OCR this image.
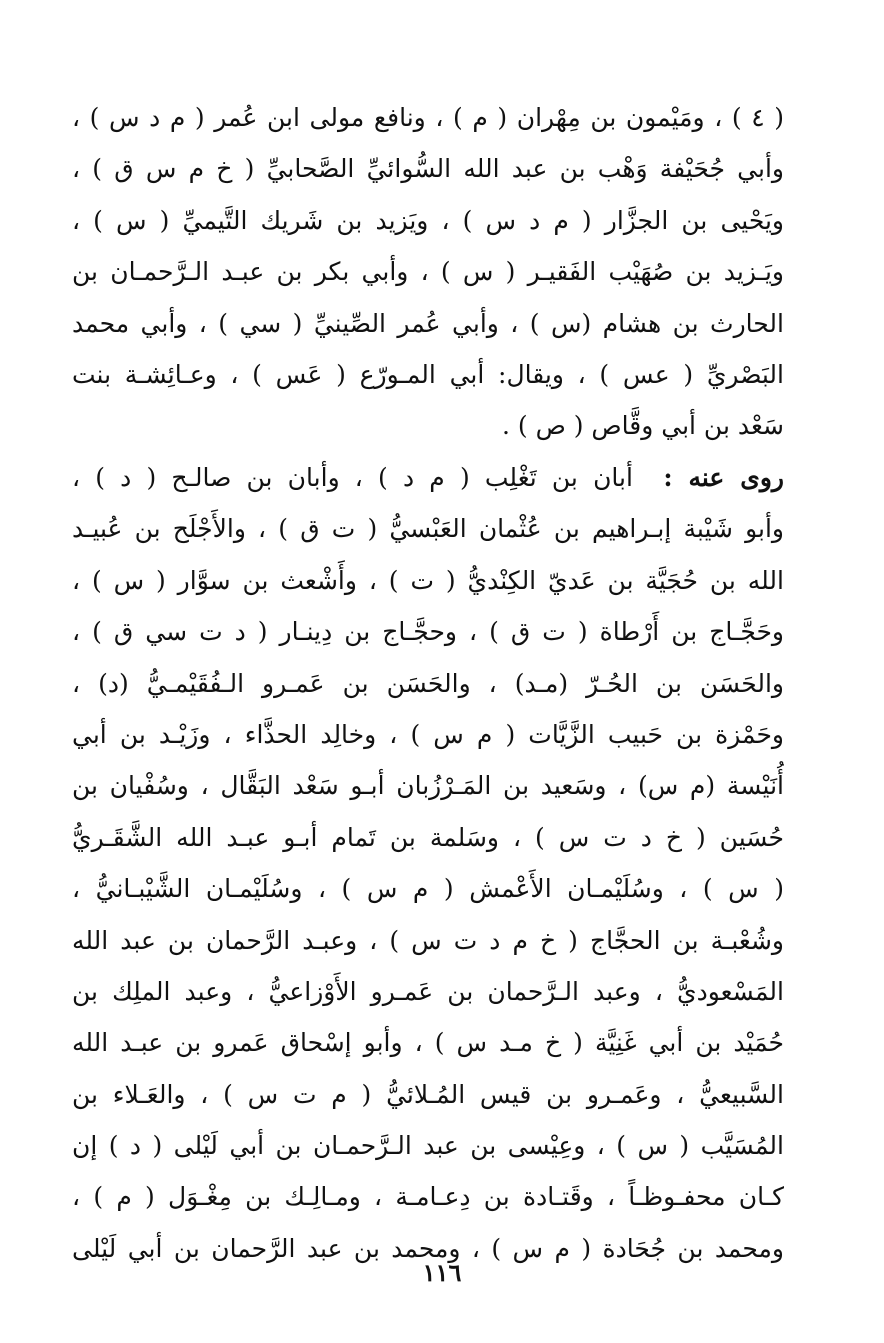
( ٤ ) ، ومَيْمون بن مِهْران ( م ) ، ونافع مولى ابن عُمر ( م د س ) ،
وأبي جُحَيْفة وَهْب بن عبد الله السُّوائيِّ الصَّحابيِّ ( خ م س ق ) ،
ويَحْيى بن الجزَّار ( م د س ) ، ويَزيد بن شَريك التَّيميِّ ( س ) ،
ويَـزيد بن صُهَيْب الفَقيـر ( س ) ، وأبي بكر بن عبـد الـرَّحمـان بن
الحارث بن هشام (س ) ، وأبي عُمر الصِّينيِّ ( سي ) ، وأبي محمد
البَصْريِّ ( عس ) ، ويقال: أبي المـورّع ( عَس ) ، وعـائِشـة بنت
سَعْد بن أبي وقَّاص ( ص ) .
روى عنه :  أبان بن تَغْلِب ( م د ) ، وأبان بن صالـح ( د ) ،
وأبو شَيْبة إبـراهيم بن عُثْمان العَبْسيُّ ( ت ق ) ، والأَجْلَح بن عُبيـد
الله بن حُجَيَّة بن عَديّ الكِنْديُّ ( ت ) ، وأَشْعث بن سوَّار ( س ) ،
وحَجَّـاج بن أَرْطاة ( ت ق ) ، وحجَّـاج بن دِينـار ( د ت سي ق ) ،
والحَسَن بن الحُـرّ (مـد) ، والحَسَن بن عَمـرو الـفُقَيْمـيُّ (د) ،
وحَمْزة بن حَبيب الزَّيَّات ( م س ) ، وخالِد الحذَّاء ، وزَيْـد بن أبي
أُنَيْسة (م س) ، وسَعيد بن المَـرْزُبان أبـو سَعْد البَقَّال ، وسُفْيان بن
حُسَين ( خ د ت س ) ، وسَلمة بن تَمام أبـو عبـد الله الشَّقَـريُّ
( س ) ، وسُلَيْمـان الأَعْمش ( م س ) ، وسُلَيْمـان الشَّيْبـانيُّ ،
وشُعْبـة بن الحجَّاج ( خ م د ت س ) ، وعبـد الرَّحمان بن عبد الله
المَسْعوديُّ ، وعبد الـرَّحمان بن عَمـرو الأَوْزاعيُّ ، وعبد الملِك بن
حُمَيْد بن أبي غَنِيَّة ( خ مـد س ) ، وأبو إسْحاق عَمرو بن عبـد الله
السَّبيعيُّ ، وعَمـرو بن قيس المُـلائيُّ ( م ت س ) ، والعَـلاء بن
المُسَيَّب ( س ) ، وعِيْسى بن عبد الـرَّحمـان بن أبي لَيْلى ( د ) إن
كـان محفـوظـاً ، وقَتـادة بن دِعـامـة ، ومـالِـك بن مِغْـوَل ( م ) ،
ومحمد بن جُحَادة ( م س ) ، ومحمد بن عبد الرَّحمان بن أبي لَيْلى
١١٦
